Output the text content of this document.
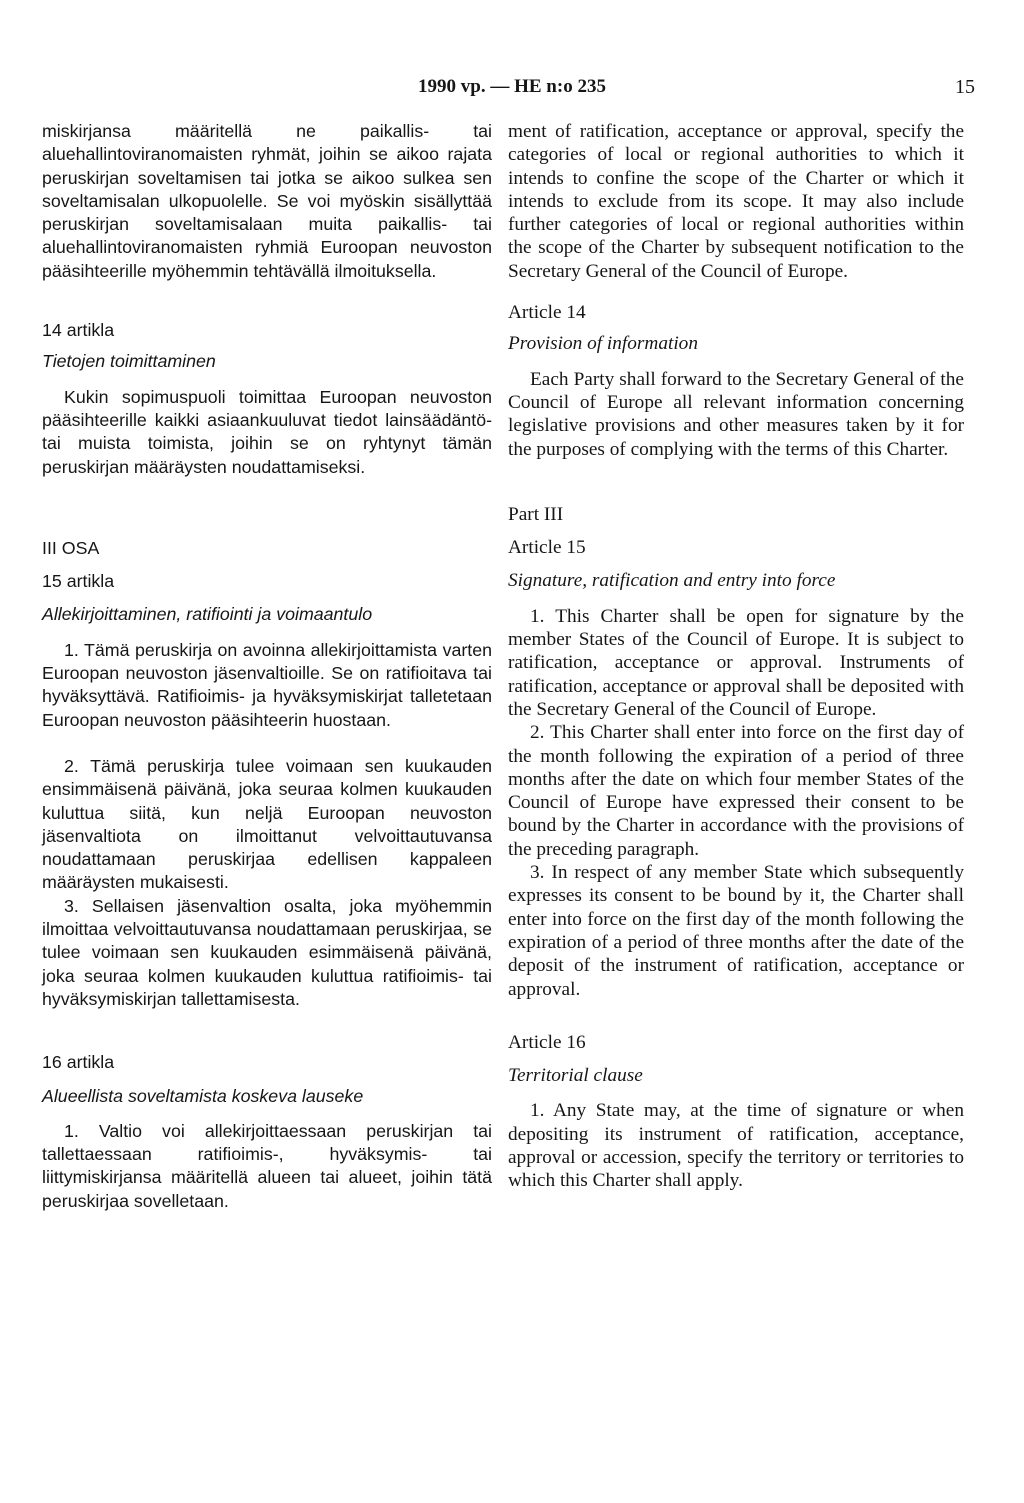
1990 vp. — HE n:o 235	15

miskirjansa määritellä ne paikallis- tai aluehallintoviranomaisten ryhmät, joihin se aikoo rajata peruskirjan soveltamisen tai jotka se aikoo sulkea sen soveltamisalan ulkopuolelle. Se voi myöskin sisällyttää peruskirjan soveltamisalaan muita paikallis- tai aluehallintoviranomaisten ryhmiä Euroopan neuvoston pääsihteerille myöhemmin tehtävällä ilmoituksella.

14 artikla

Tietojen toimittaminen

Kukin sopimuspuoli toimittaa Euroopan neuvoston pääsihteerille kaikki asiaankuuluvat tiedot lainsäädäntö- tai muista toimista, joihin se on ryhtynyt tämän peruskirjan määräysten noudattamiseksi.

III OSA

15 artikla

Allekirjoittaminen, ratifiointi ja voimaantulo

1. Tämä peruskirja on avoinna allekirjoittamista varten Euroopan neuvoston jäsenvaltioille. Se on ratifioitava tai hyväksyttävä. Ratifioimis- ja hyväksymiskirjat talletetaan Euroopan neuvoston pääsihteerin huostaan.

2. Tämä peruskirja tulee voimaan sen kuukauden ensimmäisenä päivänä, joka seuraa kolmen kuukauden kuluttua siitä, kun neljä Euroopan neuvoston jäsenvaltiota on ilmoittanut velvoittautuvansa noudattamaan peruskirjaa edellisen kappaleen määräysten mukaisesti.

3. Sellaisen jäsenvaltion osalta, joka myöhemmin ilmoittaa velvoittautuvansa noudattamaan peruskirjaa, se tulee voimaan sen kuukauden esimmäisenä päivänä, joka seuraa kolmen kuukauden kuluttua ratifioimis- tai hyväksymiskirjan tallettamisesta.

16 artikla

Alueellista soveltamista koskeva lauseke

1. Valtio voi allekirjoittaessaan peruskirjan tai tallettaessaan ratifioimis-, hyväksymis- tai liittymiskirjansa määritellä alueen tai alueet, joihin tätä peruskirjaa sovelletaan.

ment of ratification, acceptance or approval, specify the categories of local or regional authorities to which it intends to confine the scope of the Charter or which it intends to exclude from its scope. It may also include further categories of local or regional authorities within the scope of the Charter by subsequent notification to the Secretary General of the Council of Europe.

Article 14

Provision of information

Each Party shall forward to the Secretary General of the Council of Europe all relevant information concerning legislative provisions and other measures taken by it for the purposes of complying with the terms of this Charter.

Part III

Article 15

Signature, ratification and entry into force

1. This Charter shall be open for signature by the member States of the Council of Europe. It is subject to ratification, acceptance or approval. Instruments of ratification, acceptance or approval shall be deposited with the Secretary General of the Council of Europe.

2. This Charter shall enter into force on the first day of the month following the expiration of a period of three months after the date on which four member States of the Council of Europe have expressed their consent to be bound by the Charter in accordance with the provisions of the preceding paragraph.

3. In respect of any member State which subsequently expresses its consent to be bound by it, the Charter shall enter into force on the first day of the month following the expiration of a period of three months after the date of the deposit of the instrument of ratification, acceptance or approval.

Article 16

Territorial clause

1. Any State may, at the time of signature or when depositing its instrument of ratification, acceptance, approval or accession, specify the territory or territories to which this Charter shall apply.
